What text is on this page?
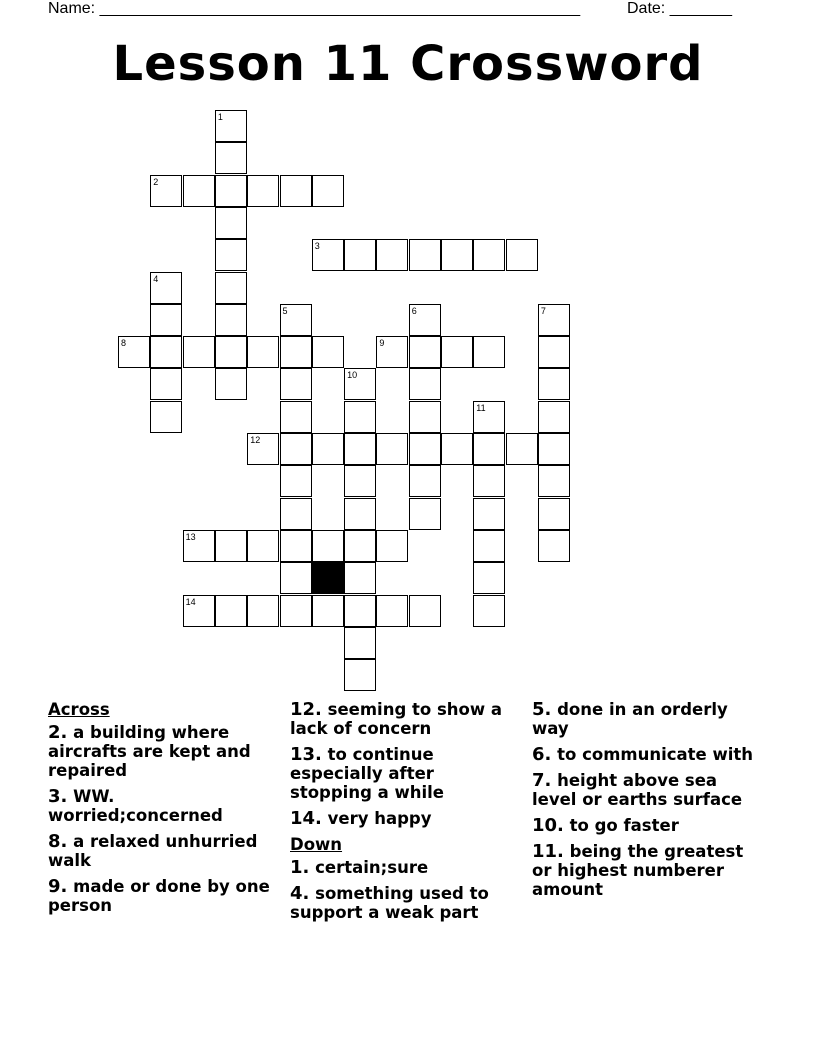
Name: ______________________________________________________	Date: _______
Lesson 11 Crossword
1
2
3
4
5	6	7
8	9
10
11
12
13
14
Across
2. a building where aircrafts are kept and repaired
3. WW. worried;concerned
8. a relaxed unhurried walk
9. made or done by one person
12. seeming to show a lack of concern
13. to continue especially after stopping a while
14. very happy
Down
1. certain;sure
4. something used to support a weak part
5. done in an orderly way
6. to communicate with
7. height above sea level or earths surface
10. to go faster
11. being the greatest or highest numberer amount
